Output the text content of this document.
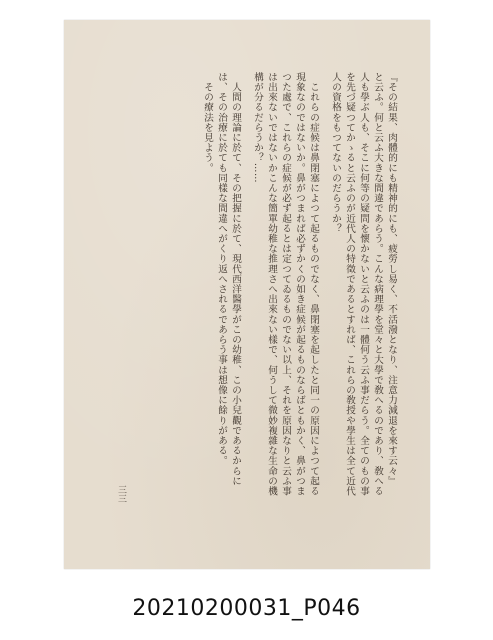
『その結果、肉體的にも精神的にも、疲勞し易く、不活潑となり、注意力減退を來す云々』

と云ふ。何と云ふ大きな間違であらう。こんな病理學を堂々と大學で敎へるのであり、敎へる

人も學ぶ人も、そこに何等の疑問を懷かないと云ふのは一體何う云ふ事だらう。全てのもの事

を先づ疑つてかゝると云ふのが近代人の特徵であるとすれば、これらの敎授や學生は全て近代

人の資格をもつてないのだらうか？

　これらの症候は鼻閉塞によつて起るものでなく、鼻閉塞を起したと同一の原因によつて起る

現象なのではないか。鼻がつまれば必ずかくの如き症候が起るものならばともかく、鼻がつま

つた處で、これらの症候が必ず起るとは定つてゐるものでない以上、それを原因なりと云ふ事

は出來ないではないかこんな簡單幼稚な推理さへ出來ない樣で、何うして微妙複雜な生命の機

構が分るだらうか？……

　人間の理論に於て、その把握に於て、現代西洋醫學がこの幼稚、この小兒觀であるからに

は、その治療に於ても同樣な間違へがくり返へされるであらう事は想像に餘りがある。

　その療法を見よう。

三三
20210200031_P046
